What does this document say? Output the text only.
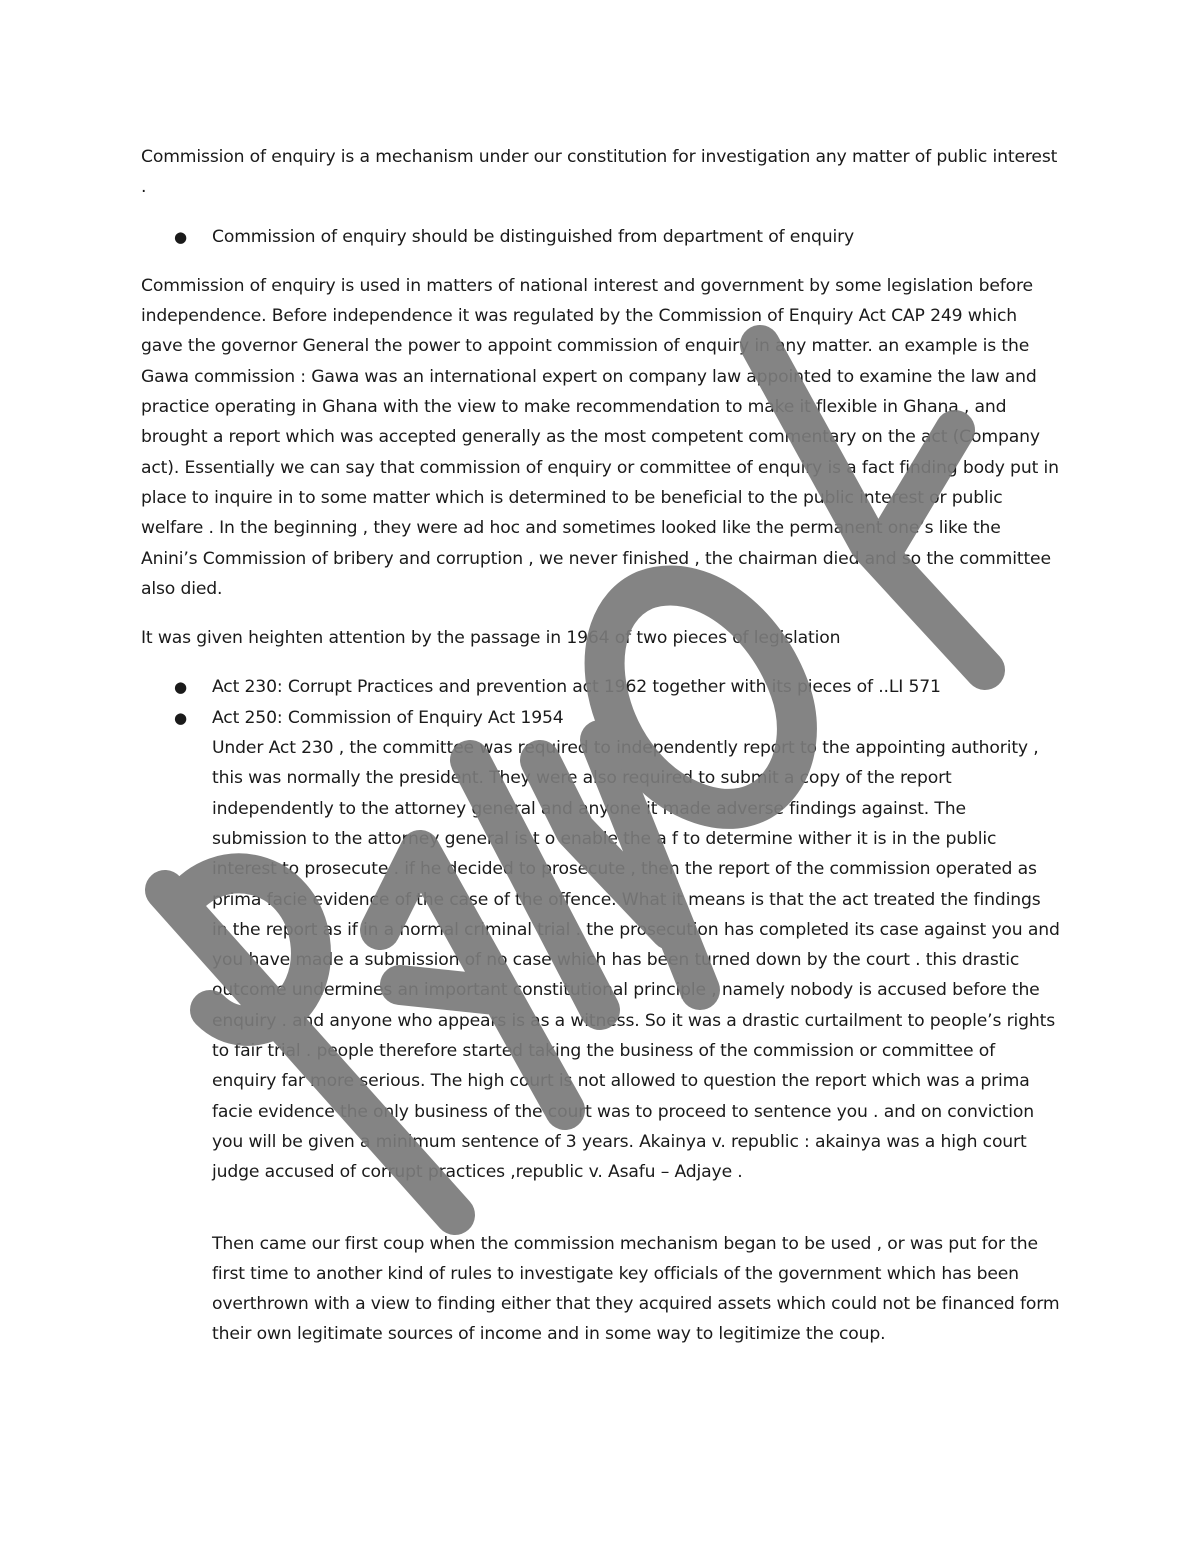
Commission of enquiry is a mechanism under our constitution for investigation any matter of public interest .

● Commission of enquiry should be distinguished from department of enquiry

Commission of enquiry is used in matters of national interest and government by some legislation before independence. Before independence it was regulated by the Commission of Enquiry Act CAP 249 which gave the governor General the power to appoint commission of enquiry in any matter. an example is the Gawa commission : Gawa was an international expert on company law appointed to examine the law and practice operating in Ghana with the view to make recommendation to make it flexible in Ghana , and brought a report which was accepted generally as the most competent commentary on the act (Company act). Essentially we can say that commission of enquiry or committee of enquiry is a fact finding body put in place to inquire in to some matter which is determined to be beneficial to the public interest or public welfare . In the beginning , they were ad hoc and sometimes looked like the permanent one’s like the Anini’s Commission of bribery and corruption , we never finished , the chairman died and so the committee also died.

It was given heighten attention by the passage in 1964 of two pieces of legislation

● Act 230: Corrupt Practices and prevention act 1962 together with its pieces of ..LI 571
● Act 250: Commission of Enquiry Act 1954
Under Act 230 , the committee was required to independently report to the appointing authority , this was normally the president. They were also required to submit a copy of the report independently to the attorney general and anyone it made adverse findings against. The submission to the attorney general is t o enable the a f to determine wither it is in the public interest to prosecute . if he decided to prosecute , then the report of the commission operated as prima facie evidence of the case of the offence. What it means is that the act treated the findings in the report as if in a normal criminal trial . the prosecution has completed its case against you and you have made a submission of no case which has been turned down by the court . this drastic outcome undermines an important constitutional principle , namely nobody is accused before the enquiry . and anyone who appears is as a witness. So it was a drastic curtailment to people’s rights to fair trial . people therefore started taking the business of the commission or committee of enquiry far more serious. The high court is not allowed to question the report which was a prima facie evidence the only business of the court was to proceed to sentence you . and on conviction you will be given a minimum sentence of 3 years. Akainya v. republic : akainya was a high court judge accused of corrupt practices ,republic v. Asafu – Adjaye .

Then came our first coup when the commission mechanism began to be used , or was put for the first time to another kind of rules to investigate key officials of the government which has been overthrown with a view to finding either that they acquired assets which could not be financed form their own legitimate sources of income and in some way to legitimize the coup.
